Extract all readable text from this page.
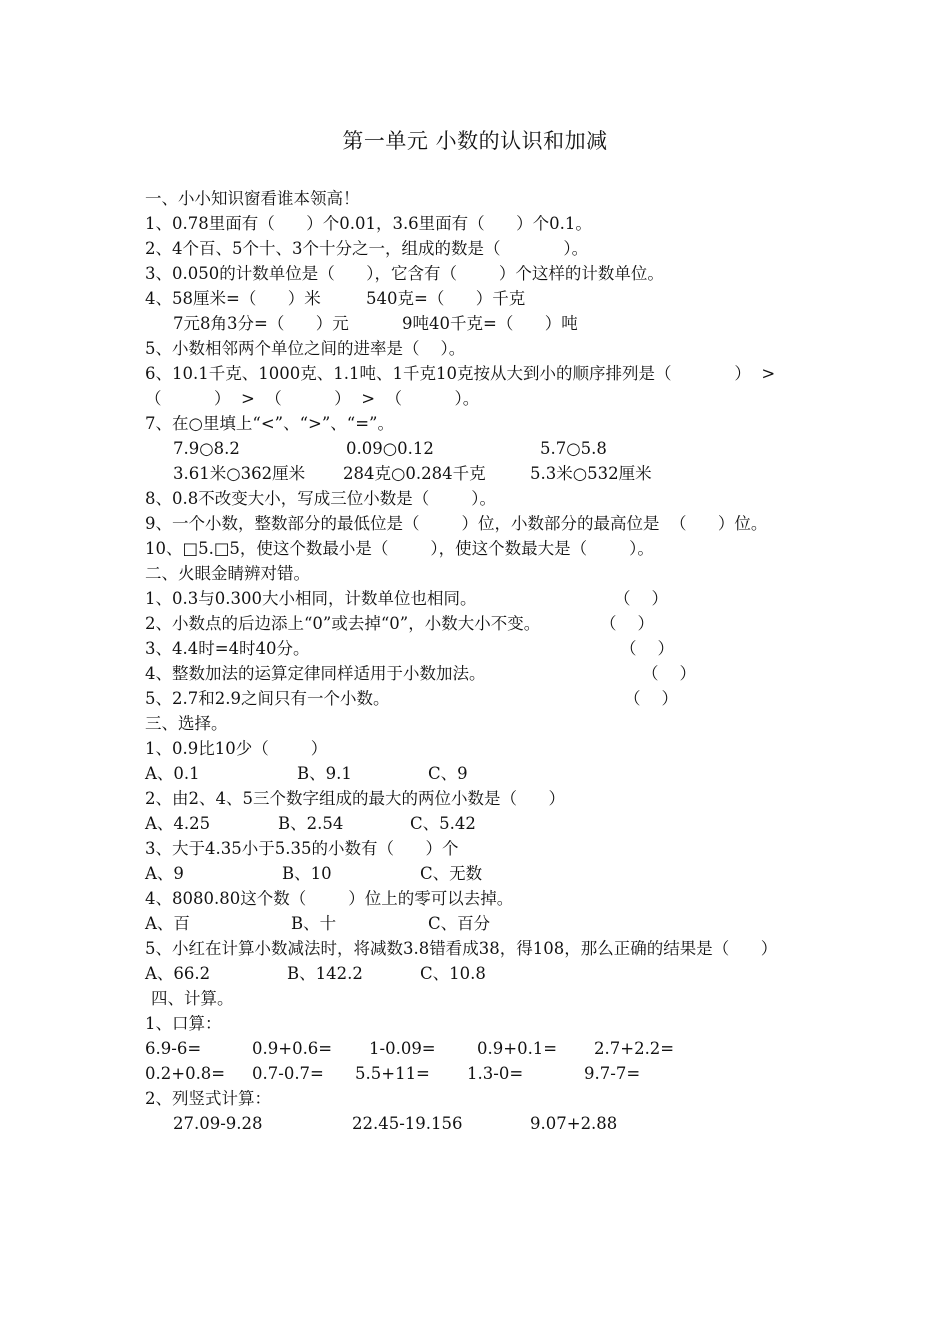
第一单元 小数的认识和加减
一、小小知识窗看谁本领高！
1、0.78里面有（      ）个0.01，3.6里面有（      ）个0.1。
2、4个百、5个十、3个十分之一，组成的数是（            ）。
3、0.050的计数单位是（      ），它含有（        ）个这样的计数单位。
4、58厘米=（      ）米	540克=（      ）千克
7元8角3分=（      ）元	9吨40千克=（      ）吨
5、小数相邻两个单位之间的进率是（    ）。
6、10.1千克、1000克、1.1吨、1千克10克按从大到小的顺序排列是（            ）  >
（          ）  >  （          ）  >  （          ）。
7、在○里填上“<”、“>”、“=”。
7.9○8.2	0.09○0.12	5.7○5.8
3.61米○362厘米 284克○0.284千克	5.3米○532厘米
8、0.8不改变大小，写成三位小数是（        ）。
9、一个小数，整数部分的最低位是（        ）位，小数部分的最高位是  （      ）位。
10、□5.□5，使这个数最小是（        ），使这个数最大是（        ）。
二、火眼金睛辨对错。
1、0.3与0.300大小相同，计数单位也相同。	（    ）
2、小数点的后边添上“0”或去掉“0”，小数大小不变。	（    ）
3、4.4时=4时40分。	（    ）
4、整数加法的运算定律同样适用于小数加法。	（    ）
5、2.7和2.9之间只有一个小数。	（    ）
三、选择。
1、0.9比10少（        ）
A、0.1	B、9.1	C、9
2、由2、4、5三个数字组成的最大的两位小数是（      ）
A、4.25	B、2.54	C、5.42
3、大于4.35小于5.35的小数有（      ）个
A、9	B、10	C、无数
4、8080.80这个数（        ）位上的零可以去掉。
A、百	B、十	C、百分
5、小红在计算小数减法时，将减数3.8错看成38，得108，那么正确的结果是（      ）
A、66.2	B、142.2	C、10.8
四、计算。
1、口算：
6.9-6=	0.9+0.6= 1-0.09=	0.9+0.1= 2.7+2.2=
0.2+0.8= 0.7-0.7= 5.5+11= 1.3-0=	9.7-7=
2、列竖式计算：
27.09-9.28	22.45-19.156	9.07+2.88
